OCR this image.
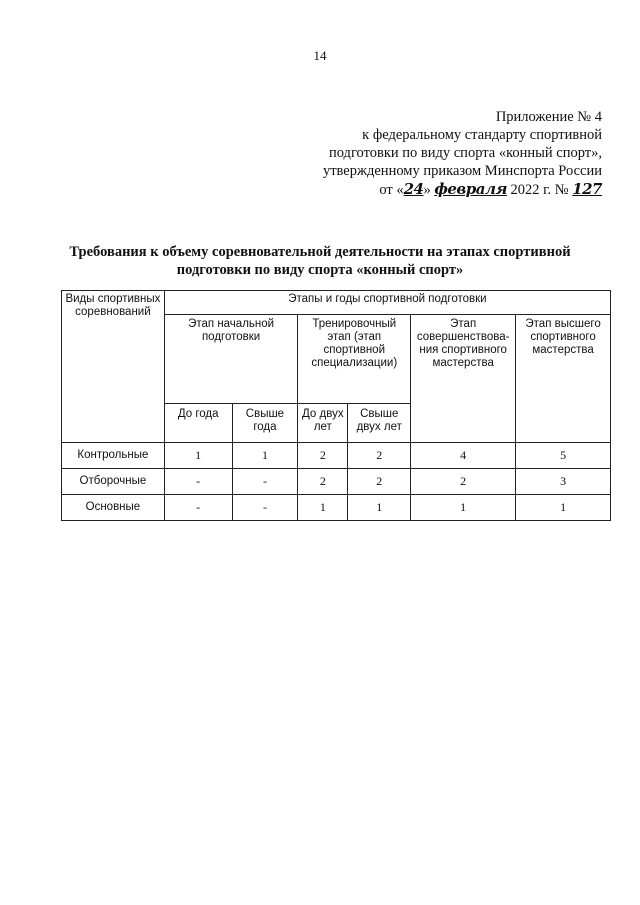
14
Приложение № 4
к федеральному стандарту спортивной
подготовки по виду спорта «конный спорт»,
утвержденному приказом Минспорта России
от «24» февраля 2022 г. № 127
Требования к объему соревновательной деятельности на этапах спортивной
подготовки по виду спорта «конный спорт»
Виды спортивных соревнований	Этапы и годы спортивной подготовки					
	Этап начальной подготовки		Тренировочный этап (этап спортивной специализации)		Этап совершенствова-ния спортивного мастерства	Этап высшего спортивного мастерства
	До года	Свыше года	До двух лет	Свыше двух лет		
Контрольные	1	1	2	2	4	5
Отборочные	-	-	2	2	2	3
Основные	-	-	1	1	1	1
